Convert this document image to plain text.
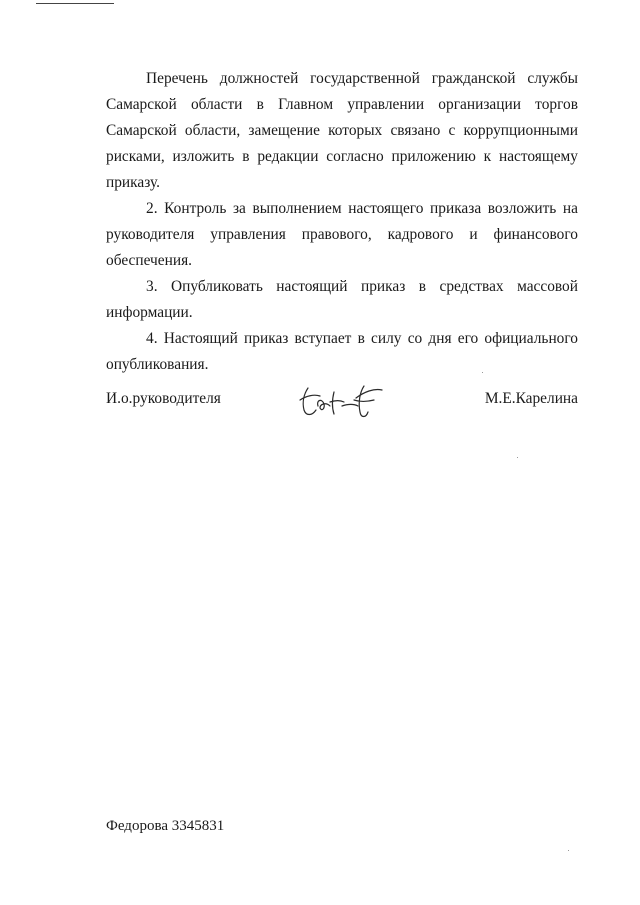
Перечень должностей государственной гражданской службы Самарской области в Главном управлении организации торгов Самарской области, замещение которых связано с коррупционными рисками, изложить в редакции согласно приложению к настоящему приказу.

2. Контроль за выполнением настоящего приказа возложить на руководителя управления правового, кадрового и финансового обеспечения.

3. Опубликовать настоящий приказ в средствах массовой информации.

4. Настоящий приказ вступает в силу со дня его официального опубликования.

И.о.руководителя	М.Е.Карелина
Федорова 3345831
